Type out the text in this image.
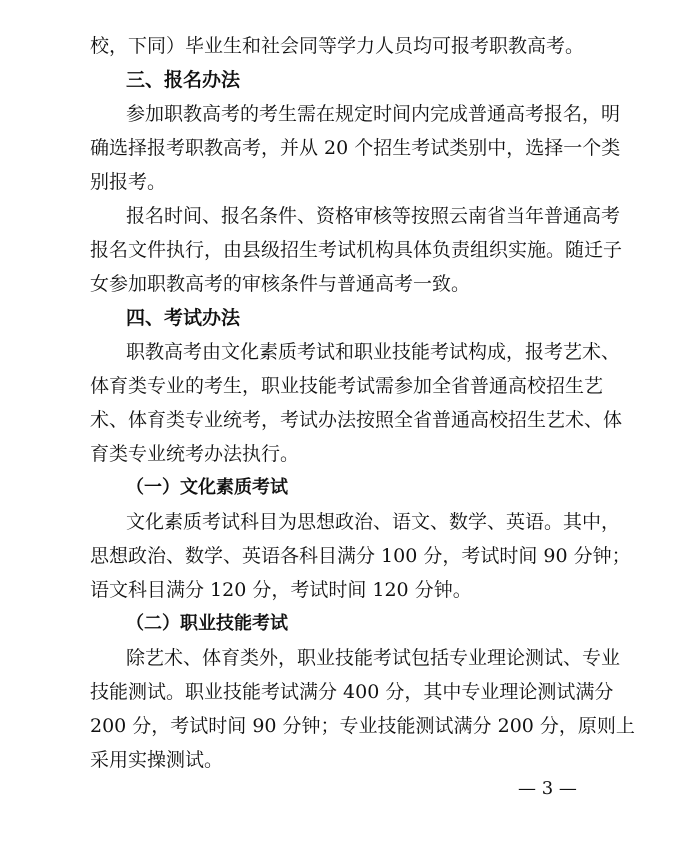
校，下同）毕业生和社会同等学力人员均可报考职教高考。
三、报名办法
参加职教高考的考生需在规定时间内完成普通高考报名，明
确选择报考职教高考，并从 20 个招生考试类别中，选择一个类
别报考。
报名时间、报名条件、资格审核等按照云南省当年普通高考
报名文件执行，由县级招生考试机构具体负责组织实施。随迁子
女参加职教高考的审核条件与普通高考一致。
四、考试办法
职教高考由文化素质考试和职业技能考试构成，报考艺术、
体育类专业的考生，职业技能考试需参加全省普通高校招生艺
术、体育类专业统考，考试办法按照全省普通高校招生艺术、体
育类专业统考办法执行。
（一）文化素质考试
文化素质考试科目为思想政治、语文、数学、英语。其中，
思想政治、数学、英语各科目满分 100 分，考试时间 90 分钟；
语文科目满分 120 分，考试时间 120 分钟。
（二）职业技能考试
除艺术、体育类外，职业技能考试包括专业理论测试、专业
技能测试。职业技能考试满分 400 分，其中专业理论测试满分
200 分，考试时间 90 分钟；专业技能测试满分 200 分，原则上
采用实操测试。
— 3 —
